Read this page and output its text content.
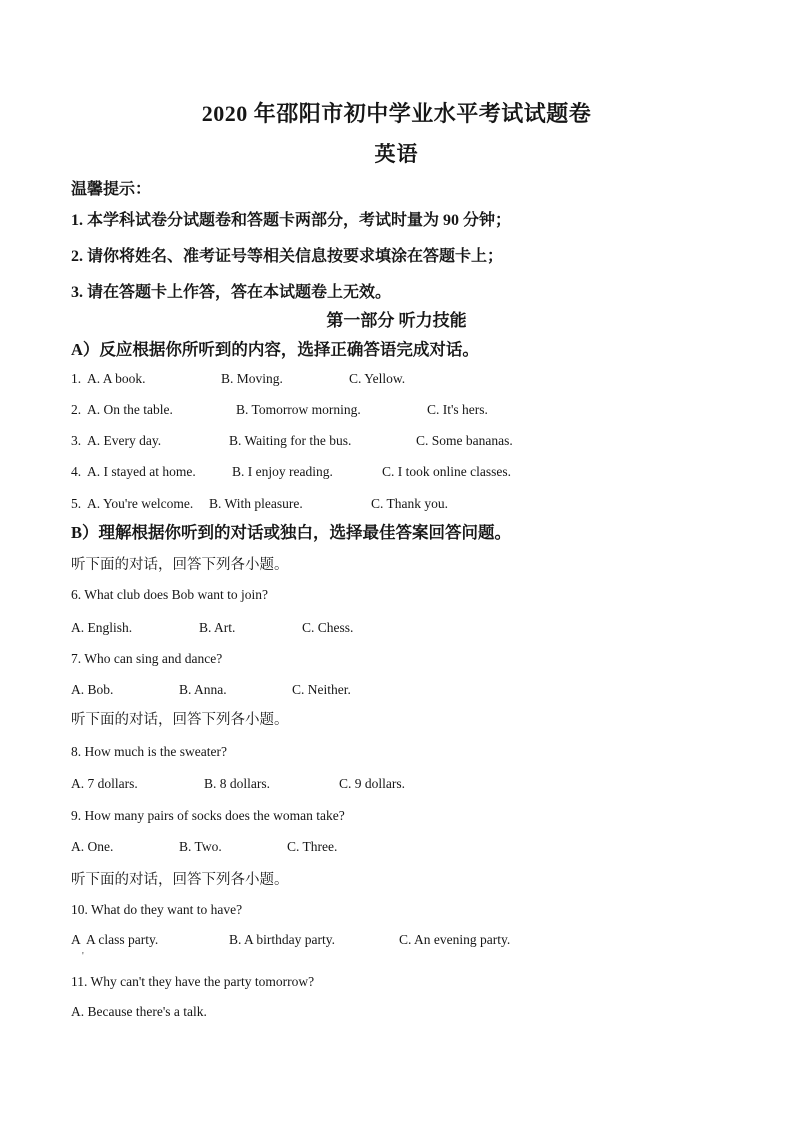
2020 年邵阳市初中学业水平考试试题卷
英语
温馨提示：
1. 本学科试卷分试题卷和答题卡两部分，考试时量为 90 分钟；
2. 请你将姓名、准考证号等相关信息按要求填涂在答题卡上；
3. 请在答题卡上作答，答在本试题卷上无效。
第一部分 听力技能
A）反应根据你所听到的内容，选择正确答语完成对话。
1. A. A book.	B. Moving.	C. Yellow.
2. A. On the table.	B. Tomorrow morning.	C. It's hers.
3. A. Every day.	B. Waiting for the bus.	C. Some bananas.
4. A. I stayed at home.	B. I enjoy reading.	C. I took online classes.
5. A. You're welcome. B. With pleasure.	C. Thank you.
B）理解根据你听到的对话或独白，选择最佳答案回答问题。
听下面的对话，回答下列各小题。
6. What club does Bob want to join?
A. English.	B. Art.	C. Chess.
7. Who can sing and dance?
A. Bob.	B. Anna.	C. Neither.
听下面的对话，回答下列各小题。
8. How much is the sweater?
A. 7 dollars.	B. 8 dollars.	C. 9 dollars.
9. How many pairs of socks does the woman take?
A. One.	B. Two.	C. Three.
听下面的对话，回答下列各小题。
10. What do they want to have?
A  A class party.	B. A birthday party.	C. An evening party.
'
11. Why can't they have the party tomorrow?
A. Because there's a talk.
